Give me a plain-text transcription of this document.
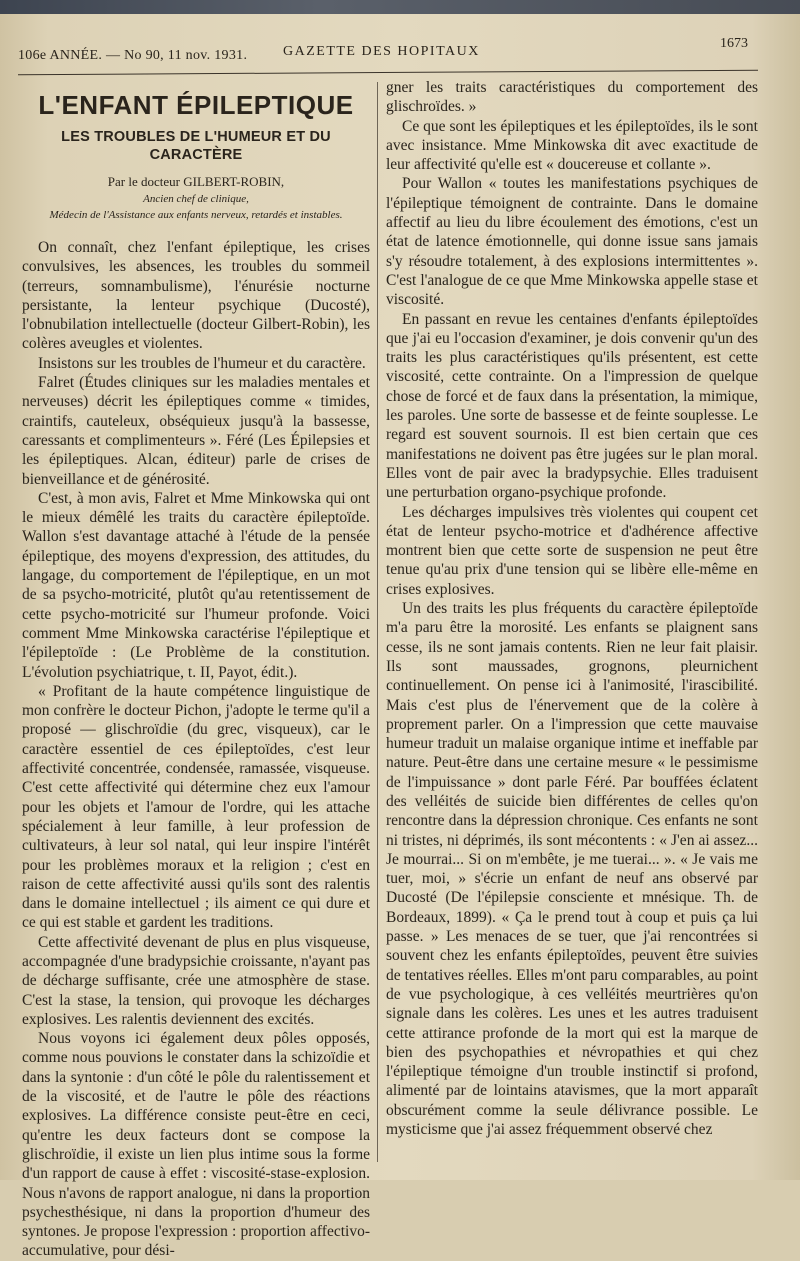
106e ANNÉE. — No 90, 11 nov. 1931.	GAZETTE DES HOPITAUX
1673
L'ENFANT ÉPILEPTIQUE
LES TROUBLES DE L'HUMEUR ET DU CARACTÈRE

Par le docteur GILBERT-ROBIN,

Ancien chef de clinique,

Médecin de l'Assistance aux enfants nerveux, retardés et instables.

On connaît, chez l'enfant épileptique, les crises convulsives, les absences, les troubles du sommeil (terreurs, somnambulisme), l'énurésie nocturne persistante, la lenteur psychique (Ducosté), l'obnubilation intellectuelle (docteur Gilbert-Robin), les colères aveugles et violentes.

Insistons sur les troubles de l'humeur et du caractère.

Falret (Études cliniques sur les maladies mentales et nerveuses) décrit les épileptiques comme « timides, craintifs, cauteleux, obséquieux jusqu'à la bassesse, caressants et complimenteurs ». Féré (Les Épilepsies et les épileptiques. Alcan, éditeur) parle de crises de bienveillance et de générosité.

C'est, à mon avis, Falret et Mme Minkowska qui ont le mieux démêlé les traits du caractère épileptoïde. Wallon s'est davantage attaché à l'étude de la pensée épileptique, des moyens d'expression, des attitudes, du langage, du comportement de l'épileptique, en un mot de sa psycho-motricité, plutôt qu'au retentissement de cette psycho-motricité sur l'humeur profonde. Voici comment Mme Minkowska caractérise l'épileptique et l'épileptoïde : (Le Problème de la constitution. L'évolution psychiatrique, t. II, Payot, édit.).

« Profitant de la haute compétence linguistique de mon confrère le docteur Pichon, j'adopte le terme qu'il a proposé — glischroïdie (du grec, visqueux), car le caractère essentiel de ces épileptoïdes, c'est leur affectivité concentrée, condensée, ramassée, visqueuse. C'est cette affectivité qui détermine chez eux l'amour pour les objets et l'amour de l'ordre, qui les attache spécialement à leur famille, à leur profession de cultivateurs, à leur sol natal, qui leur inspire l'intérêt pour les problèmes moraux et la religion ; c'est en raison de cette affectivité aussi qu'ils sont des ralentis dans le domaine intellectuel ; ils aiment ce qui dure et ce qui est stable et gardent les traditions.

Cette affectivité devenant de plus en plus visqueuse, accompagnée d'une bradypsichie croissante, n'ayant pas de décharge suffisante, crée une atmosphère de stase. C'est la stase, la tension, qui provoque les décharges explosives. Les ralentis deviennent des excités.

Nous voyons ici également deux pôles opposés, comme nous pouvions le constater dans la schizoïdie et dans la syntonie : d'un côté le pôle du ralentissement et de la viscosité, et de l'autre le pôle des réactions explosives. La différence consiste peut-être en ceci, qu'entre les deux facteurs dont se compose la glischroïdie, il existe un lien plus intime sous la forme d'un rapport de cause à effet : viscosité-stase-explosion. Nous n'avons de rapport analogue, ni dans la proportion psychesthésique, ni dans la proportion d'humeur des syntones. Je propose l'expression : proportion affectivo-accumulative, pour dési-

gner les traits caractéristiques du comportement des glischroïdes. »

Ce que sont les épileptiques et les épileptoïdes, ils le sont avec insistance. Mme Minkowska dit avec exactitude de leur affectivité qu'elle est « doucereuse et collante ».

Pour Wallon « toutes les manifestations psychiques de l'épileptique témoignent de contrainte. Dans le domaine affectif au lieu du libre écoulement des émotions, c'est un état de latence émotionnelle, qui donne issue sans jamais s'y résoudre totalement, à des explosions intermittentes ». C'est l'analogue de ce que Mme Minkowska appelle stase et viscosité.

En passant en revue les centaines d'enfants épileptoïdes que j'ai eu l'occasion d'examiner, je dois convenir qu'un des traits les plus caractéristiques qu'ils présentent, est cette viscosité, cette contrainte. On a l'impression de quelque chose de forcé et de faux dans la présentation, la mimique, les paroles. Une sorte de bassesse et de feinte souplesse. Le regard est souvent sournois. Il est bien certain que ces manifestations ne doivent pas être jugées sur le plan moral. Elles vont de pair avec la bradypsychie. Elles traduisent une perturbation organo-psychique profonde.

Les décharges impulsives très violentes qui coupent cet état de lenteur psycho-motrice et d'adhérence affective montrent bien que cette sorte de suspension ne peut être tenue qu'au prix d'une tension qui se libère elle-même en crises explosives.

Un des traits les plus fréquents du caractère épileptoïde m'a paru être la morosité. Les enfants se plaignent sans cesse, ils ne sont jamais contents. Rien ne leur fait plaisir. Ils sont maussades, grognons, pleurnichent continuellement. On pense ici à l'animosité, l'irascibilité. Mais c'est plus de l'énervement que de la colère à proprement parler. On a l'impression que cette mauvaise humeur traduit un malaise organique intime et ineffable par nature. Peut-être dans une certaine mesure « le pessimisme de l'impuissance » dont parle Féré. Par bouffées éclatent des velléités de suicide bien différentes de celles qu'on rencontre dans la dépression chronique. Ces enfants ne sont ni tristes, ni déprimés, ils sont mécontents : « J'en ai assez... Je mourrai... Si on m'embête, je me tuerai... ». « Je vais me tuer, moi, » s'écrie un enfant de neuf ans observé par Ducosté (De l'épilepsie consciente et mnésique. Th. de Bordeaux, 1899). « Ça le prend tout à coup et puis ça lui passe. » Les menaces de se tuer, que j'ai rencontrées si souvent chez les enfants épileptoïdes, peuvent être suivies de tentatives réelles. Elles m'ont paru comparables, au point de vue psychologique, à ces velléités meurtrières qu'on signale dans les colères. Les unes et les autres traduisent cette attirance profonde de la mort qui est la marque de bien des psychopathies et névropathies et qui chez l'épileptique témoigne d'un trouble instinctif si profond, alimenté par de lointains atavismes, que la mort apparaît obscurément comme la seule délivrance possible. Le mysticisme que j'ai assez fréquemment observé chez
